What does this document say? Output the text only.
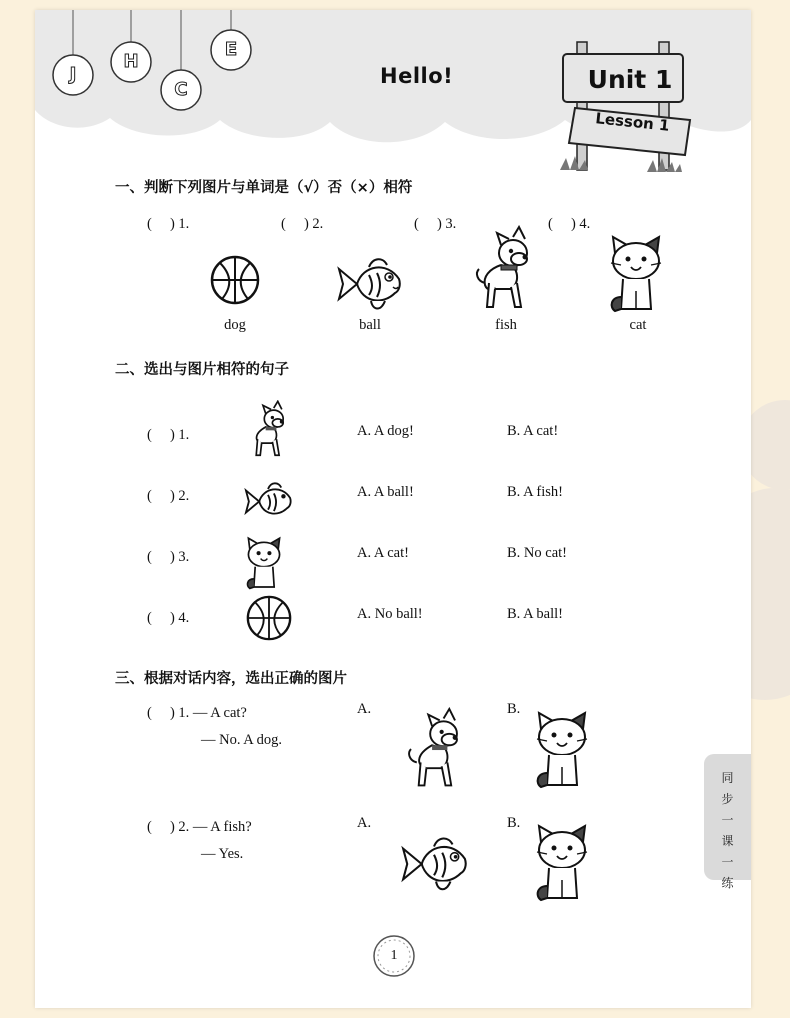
J
H
C
E
Hello!	Unit 1
Lesson 1
一、判断下列图片与单词是（√）否（×）相符
(　 ) 1.	(　 ) 2.	(　 ) 3.	(　 ) 4.
dog	ball	fish	cat
二、选出与图片相符的句子
(　 ) 1.	A. A dog!	B. A cat!
(　 ) 2.	A. A ball!	B. A fish!
(　 ) 3.	A. A cat!	B. No cat!
(　 ) 4.	A. No ball!	B. A ball!
三、根据对话内容，选出正确的图片
(　 ) 1. — A cat?
— No. A dog.
A.	B.
(　 ) 2. — A fish?
— Yes.
A.	B.
同步一课一练
1
